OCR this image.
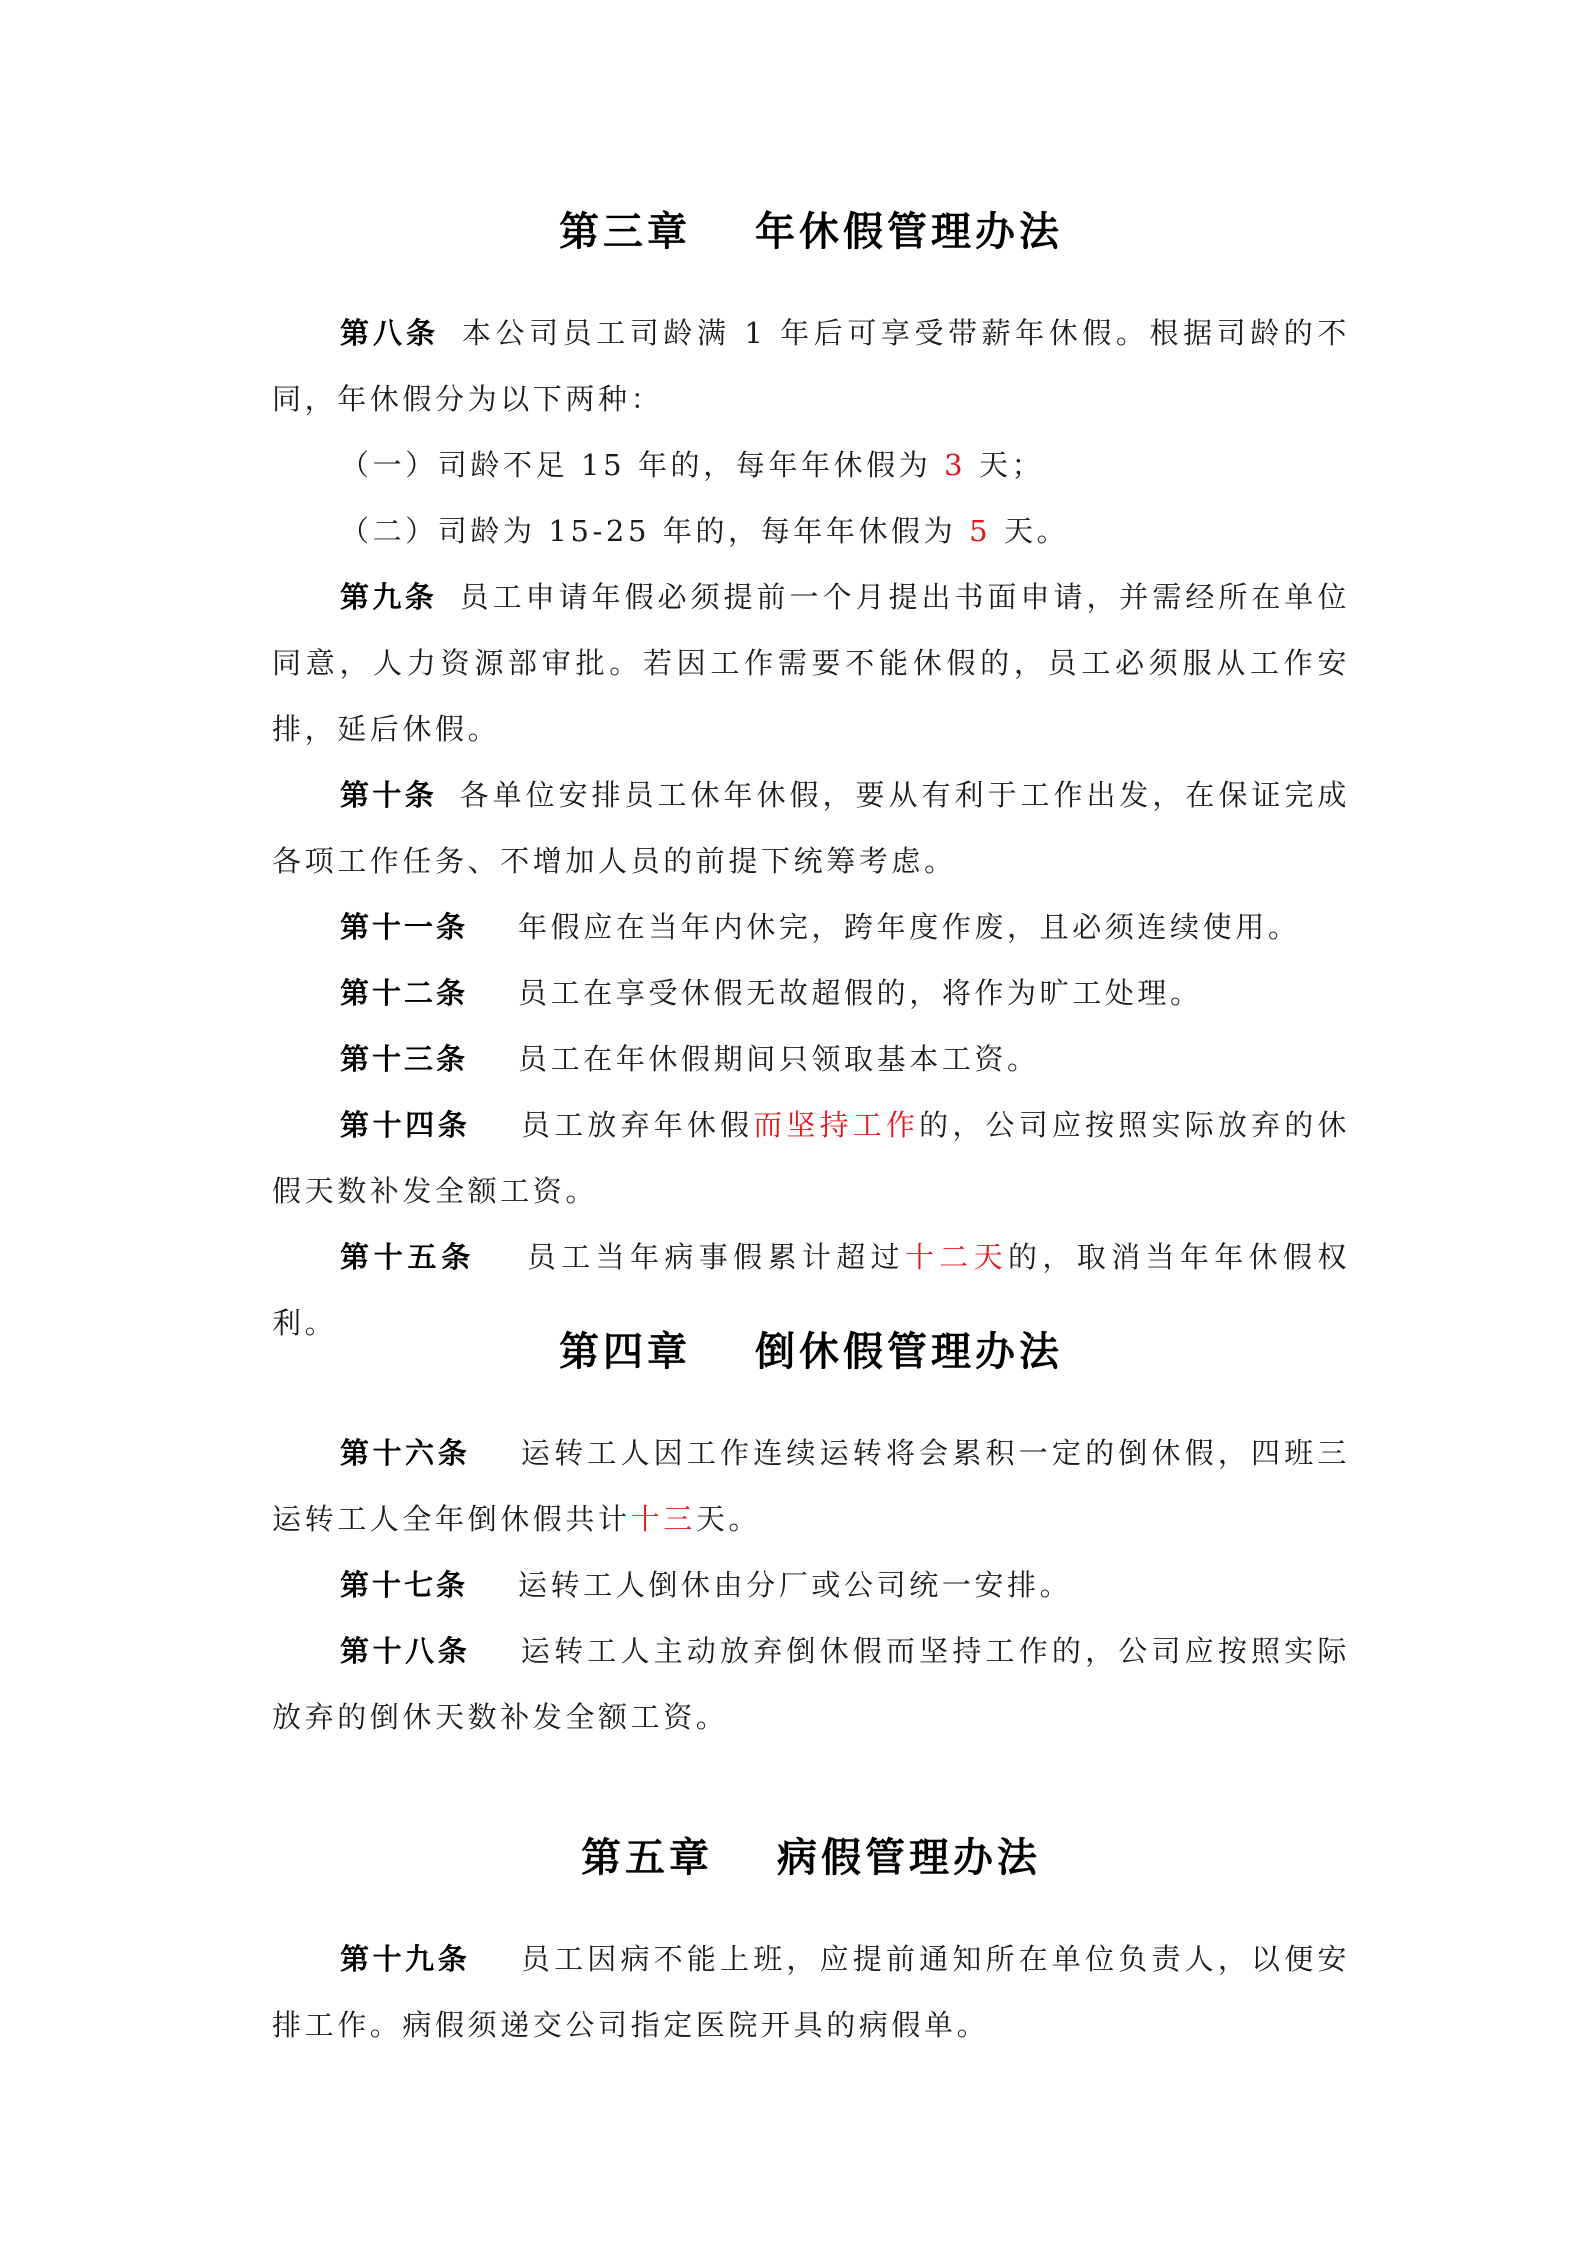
第三章 年休假管理办法
第八条 本公司员工司龄满 1 年后可享受带薪年休假。根据司龄的不同，年休假分为以下两种：
（一）司龄不足 15 年的，每年年休假为 3 天；
（二）司龄为 15-25 年的，每年年休假为 5 天。
第九条 员工申请年假必须提前一个月提出书面申请，并需经所在单位同意，人力资源部审批。若因工作需要不能休假的，员工必须服从工作安排，延后休假。
第十条 各单位安排员工休年休假，要从有利于工作出发，在保证完成各项工作任务、不增加人员的前提下统筹考虑。
第十一条 年假应在当年内休完，跨年度作废，且必须连续使用。
第十二条 员工在享受休假无故超假的，将作为旷工处理。
第十三条 员工在年休假期间只领取基本工资。
第十四条 员工放弃年休假而坚持工作的，公司应按照实际放弃的休假天数补发全额工资。
第十五条 员工当年病事假累计超过十二天的，取消当年年休假权利。
第四章 倒休假管理办法
第十六条 运转工人因工作连续运转将会累积一定的倒休假，四班三运转工人全年倒休假共计十三天。
第十七条 运转工人倒休由分厂或公司统一安排。
第十八条 运转工人主动放弃倒休假而坚持工作的，公司应按照实际放弃的倒休天数补发全额工资。
第五章 病假管理办法
第十九条 员工因病不能上班，应提前通知所在单位负责人，以便安排工作。病假须递交公司指定医院开具的病假单。
